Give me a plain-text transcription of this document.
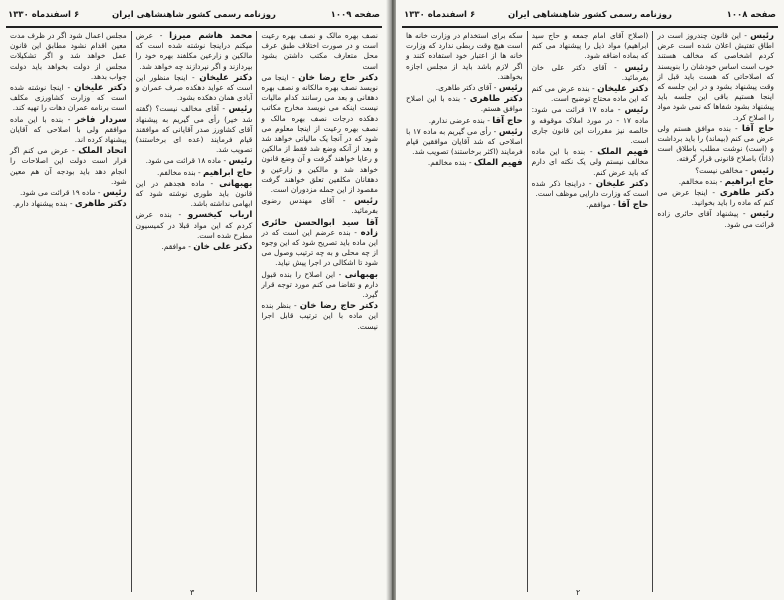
صفحه ۱۰۰۹
روزنامه رسمی کشور شاهنشاهی ایران
۶ اسفندماه ۱۳۳۰

نصف بهره مالک و نصف بهره رعیت است و در صورت اختلاف طبق عرف محل متعارف مکتب داشتن بشود است

دکتر حاج رضا خان - اینجا می نویسد نصف بهره مالکانه و نصف بهره دهقانی و بعد می رسانند کدام مالیات نیست اینکه می نویسد مخارج مکاتب دهکده درجات نصف بهره مالک و نصف بهره رعیت از اینجا معلوم می شود که در آنجا یک مالیاتی خواهد شد و بعد از آنکه وضع شد فقط از مالکین و رعایا خواهند گرفت و آن وضع قانون خواهد شد و مالکین و زارعین و دهقانان مکلفین تعلق خواهند گرفت مقصود از این جمله مزدوران است.

رئیس - آقای مهندس رضوی بفرمائید.

آقا سید ابوالحسن حائری زاده - بنده عرضم این است که در این ماده باید تصریح شود که این وجوه از چه محلی و به چه ترتیب وصول می شود تا اشکالی در اجرا پیش نیاید.

بهبهانی - این اصلاح را بنده قبول دارم و تقاضا می کنم مورد توجه قرار گیرد.

دکتر حاج رضا خان - بنظر بنده این ماده با این ترتیب قابل اجرا نیست.

محمد هاشم میرزا - عرض میکنم دراینجا نوشته شده است که مالکین و زارعین مکلفند بهره خود را بپردازند و اگر نپردازند چه خواهد شد.

دکتر علیخان - اینجا منظور این است که عواید دهکده صرف عمران و آبادی همان دهکده بشود.

رئیس - آقای مخالف نیست؟ (گفته شد خیر) رأی می گیریم به پیشنهاد آقای کشاورز صدر آقایانی که موافقند قیام فرمایند (عده ای برخاستند) تصویب شد.

رئیس - ماده ۱۸ قرائت می شود.

حاج ابراهیم - بنده مخالفم.

بهبهانی - ماده هجدهم در این قانون باید طوری نوشته شود که ابهامی نداشته باشد.

ارباب کیخسرو - بنده عرض کردم که این مواد قبلا در کمیسیون مطرح شده است.

دکتر علی خان - موافقم.

مجلس اعمال شود اگر در ظرف مدت معین اقدام نشود مطابق این قانون عمل خواهد شد و اگر تشکیلات مجلس از دولت بخواهد باید دولت جواب بدهد.

دکتر علیخان - اینجا نوشته شده است که وزارت کشاورزی مکلف است برنامه عمران دهات را تهیه کند.

سردار فاخر - بنده با این ماده موافقم ولی با اصلاحی که آقایان پیشنهاد کرده اند.

اتحاد الملک - عرض می کنم اگر قرار است دولت این اصلاحات را انجام دهد باید بودجه آن هم معین شود.

رئیس - ماده ۱۹ قرائت می شود.

دکتر طاهری - بنده پیشنهاد دارم.

۳
صفحه ۱۰۰۸
روزنامه رسمی کشور شاهنشاهی ایران
۶ اسفندماه ۱۳۳۰

رئیس - این قانون چندروز است در اطاق تفتیش اعلان شده است عرض کردم اشخاصی که مخالف هستند خوب است اساس خودشان را بنویسند که اصلاحاتی که هست باید قبل از وقت پیشنهاد بشود و در این جلسه که اینجا هستیم باقی این جلسه باید پیشنهاد بشود شفاها که نمی شود مواد را اصلاح کرد.

حاج آقا - بنده موافق هستم ولی عرض می کنم (بیماند) را باید برداشت و (است) نوشت مطلب باطلاق است (ذاتاً) باصلاح قانونی قرار گرفته.

رئیس - مخالفی نیست؟

حاج ابراهیم - بنده مخالفم.

دکتر طاهری - اینجا عرض می کنم که ماده را باید بخوانید.

رئیس - پیشنهاد آقای حائری زاده قرائت می شود.

(اصلاح آقای امام جمعه و حاج سید ابراهیم) مواد ذیل را پیشنهاد می کنم که بماده اضافه شود.

رئیس - آقای دکتر علی خان بفرمائید.

دکتر علیخان - بنده عرض می کنم که این ماده محتاج توضیح است.

رئیس - ماده ۱۷ قرائت می شود: ماده ۱۷ - در مورد املاک موقوفه و خالصه نیز مقررات این قانون جاری است.

فهیم الملک - بنده با این ماده مخالف نیستم ولی یک نکته ای دارم که باید عرض کنم.

دکتر علیخان - دراینجا ذکر شده است که وزارت دارایی موظف است.

حاج آقا - موافقم.

سکه برای استخدام در وزارت خانه ها است هیچ وقت ربطی ندارد که وزارت خانه ها از اعتبار خود استفاده کنند و اگر لازم باشد باید از مجلس اجازه بخواهند.

رئیس - آقای دکتر طاهری.

دکتر طاهری - بنده با این اصلاح موافق هستم.

حاج آقا - بنده عرضی ندارم.

رئیس - رأی می گیریم به ماده ۱۷ با اصلاحی که شد آقایان موافقین قیام فرمایند (اکثر برخاستند) تصویب شد.

فهیم الملک - بنده مخالفم.

۲
